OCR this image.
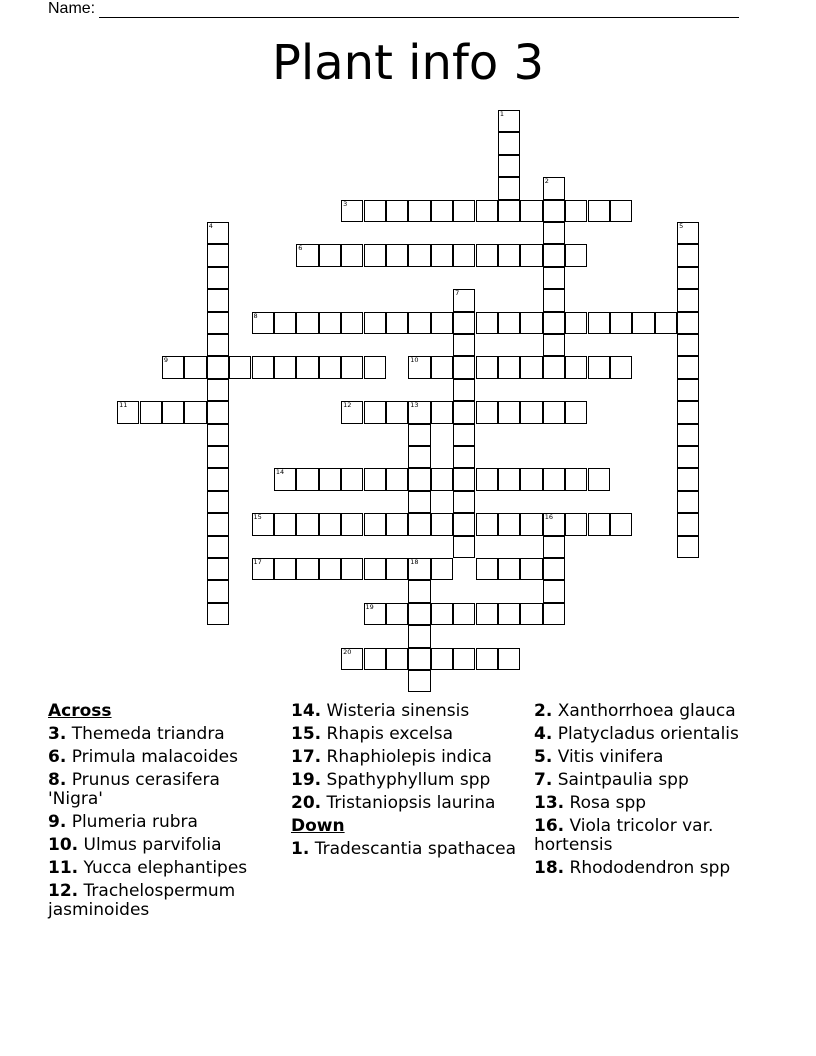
Name:
Plant info 3
1
2
3
4	5
6
7
8
9	10
11	12	13
14
15	16
17	18
19
20
Across
3. Themeda triandra
6. Primula malacoides
8. Prunus cerasifera 'Nigra'
9. Plumeria rubra
10. Ulmus parvifolia
11. Yucca elephantipes
12. Trachelospermum jasminoides
14. Wisteria sinensis
15. Rhapis excelsa
17. Rhaphiolepis indica
19. Spathyphyllum spp
20. Tristaniopsis laurina
Down
1. Tradescantia spathacea
2. Xanthorrhoea glauca
4. Platycladus orientalis
5. Vitis vinifera
7. Saintpaulia spp
13. Rosa spp
16. Viola tricolor var. hortensis
18. Rhododendron spp
